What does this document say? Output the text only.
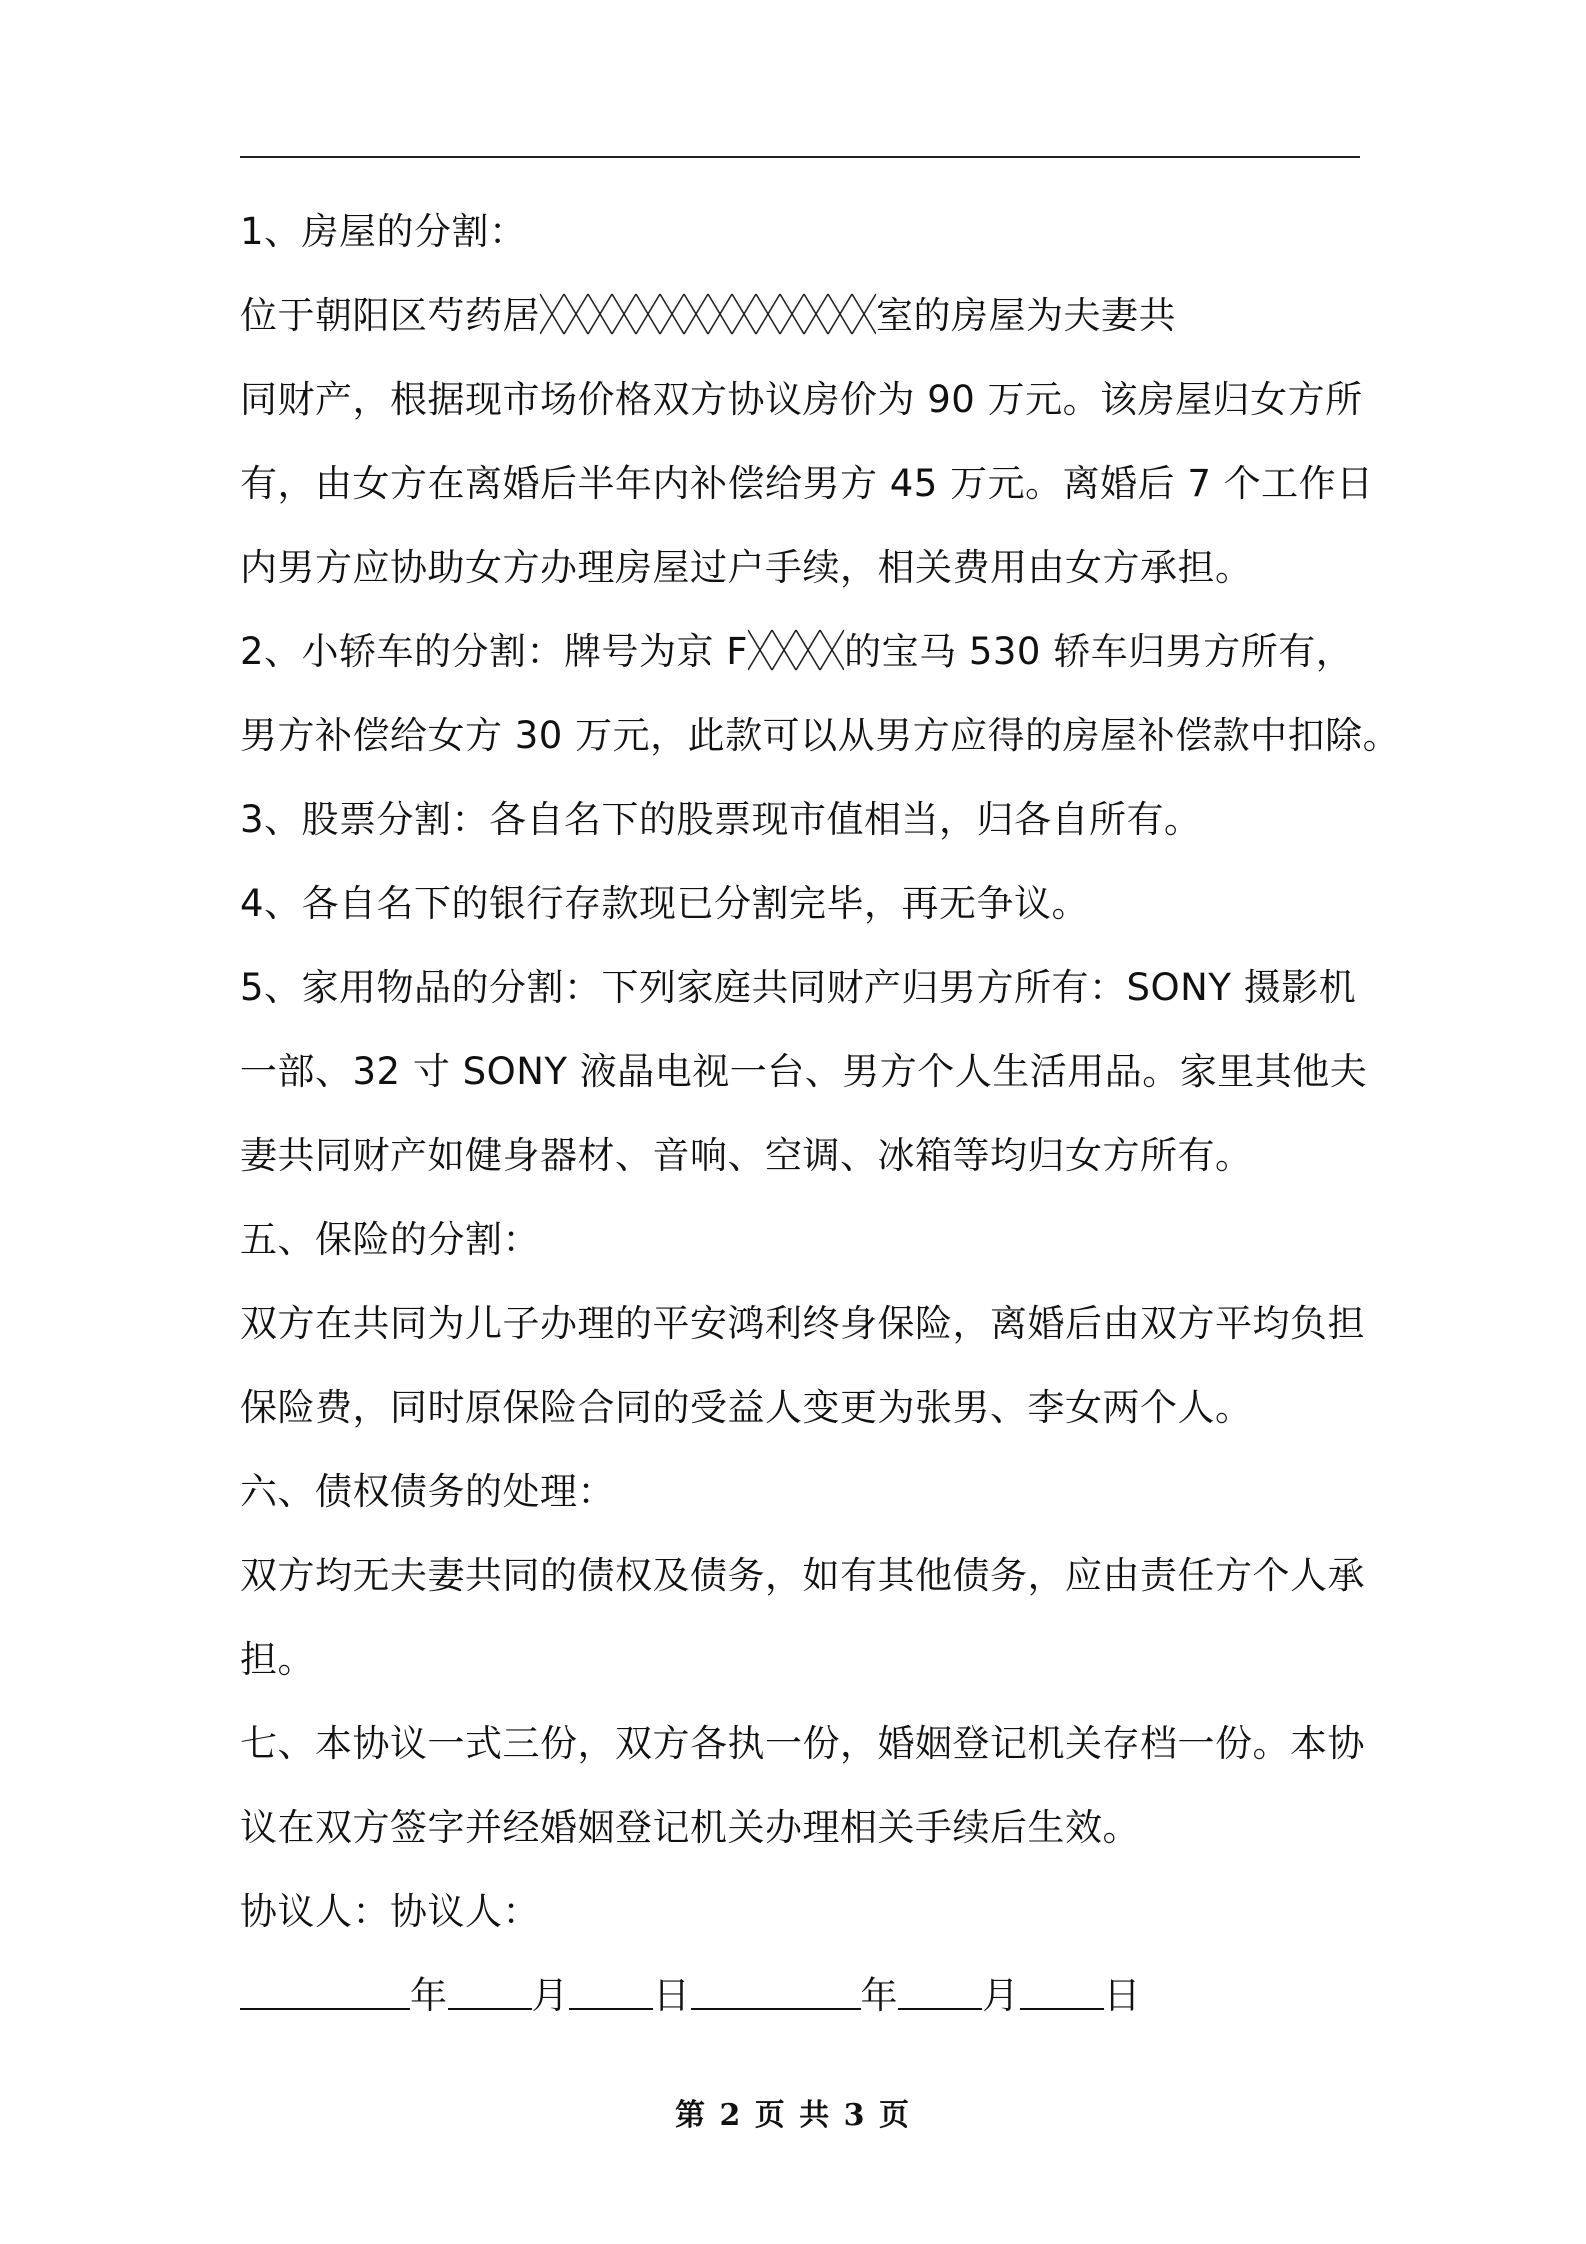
1、房屋的分割：
位于朝阳区芍药居	室的房屋为夫妻共
同财产，根据现市场价格双方协议房价为 90 万元。该房屋归女方所
有，由女方在离婚后半年内补偿给男方 45 万元。离婚后 7 个工作日
内男方应协助女方办理房屋过户手续，相关费用由女方承担。
2、小轿车的分割：牌号为京 F	的宝马 530 轿车归男方所有，
男方补偿给女方 30 万元，此款可以从男方应得的房屋补偿款中扣除。
3、股票分割：各自名下的股票现市值相当，归各自所有。
4、各自名下的银行存款现已分割完毕，再无争议。
5、家用物品的分割：下列家庭共同财产归男方所有：SONY 摄影机
一部、32 寸 SONY 液晶电视一台、男方个人生活用品。家里其他夫
妻共同财产如健身器材、音响、空调、冰箱等均归女方所有。
五、保险的分割：
双方在共同为儿子办理的平安鸿利终身保险，离婚后由双方平均负担
保险费，同时原保险合同的受益人变更为张男、李女两个人。
六、债权债务的处理：
双方均无夫妻共同的债权及债务，如有其他债务，应由责任方个人承
担。
七、本协议一式三份，双方各执一份，婚姻登记机关存档一份。本协
议在双方签字并经婚姻登记机关办理相关手续后生效。
协议人：协议人：
年 月 日	年 月 日
第 2 页 共 3 页
